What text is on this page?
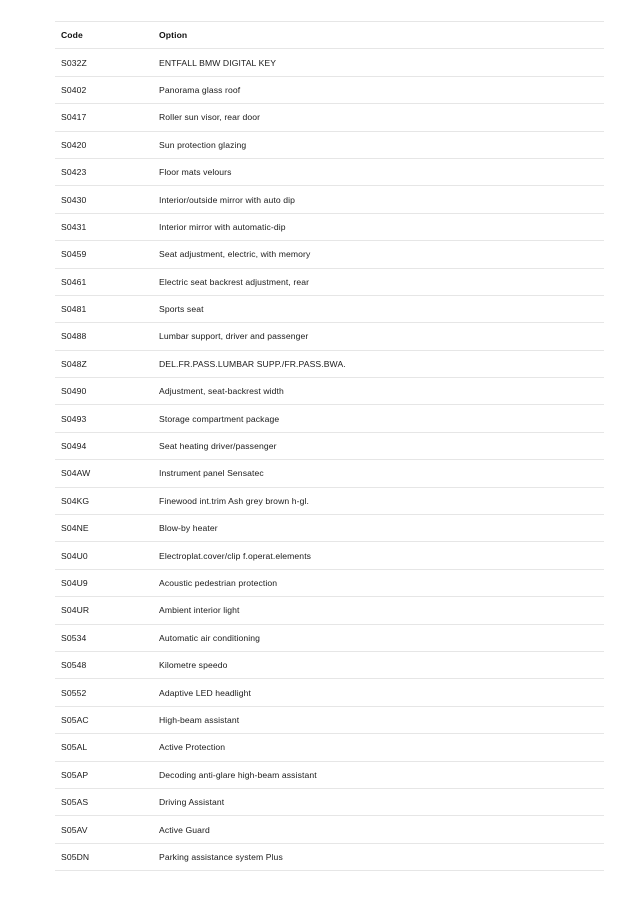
Code	Option
S032Z	ENTFALL BMW DIGITAL KEY
S0402	Panorama glass roof
S0417	Roller sun visor, rear door
S0420	Sun protection glazing
S0423	Floor mats velours
S0430	Interior/outside mirror with auto dip
S0431	Interior mirror with automatic-dip
S0459	Seat adjustment, electric, with memory
S0461	Electric seat backrest adjustment, rear
S0481	Sports seat
S0488	Lumbar support, driver and passenger
S048Z	DEL.FR.PASS.LUMBAR SUPP./FR.PASS.BWA.
S0490	Adjustment, seat-backrest width
S0493	Storage compartment package
S0494	Seat heating driver/passenger
S04AW	Instrument panel Sensatec
S04KG	Finewood int.trim Ash grey brown h-gl.
S04NE	Blow-by heater
S04U0	Electroplat.cover/clip f.operat.elements
S04U9	Acoustic pedestrian protection
S04UR	Ambient interior light
S0534	Automatic air conditioning
S0548	Kilometre speedo
S0552	Adaptive LED headlight
S05AC	High-beam assistant
S05AL	Active Protection
S05AP	Decoding anti-glare high-beam assistant
S05AS	Driving Assistant
S05AV	Active Guard
S05DN	Parking assistance system Plus
